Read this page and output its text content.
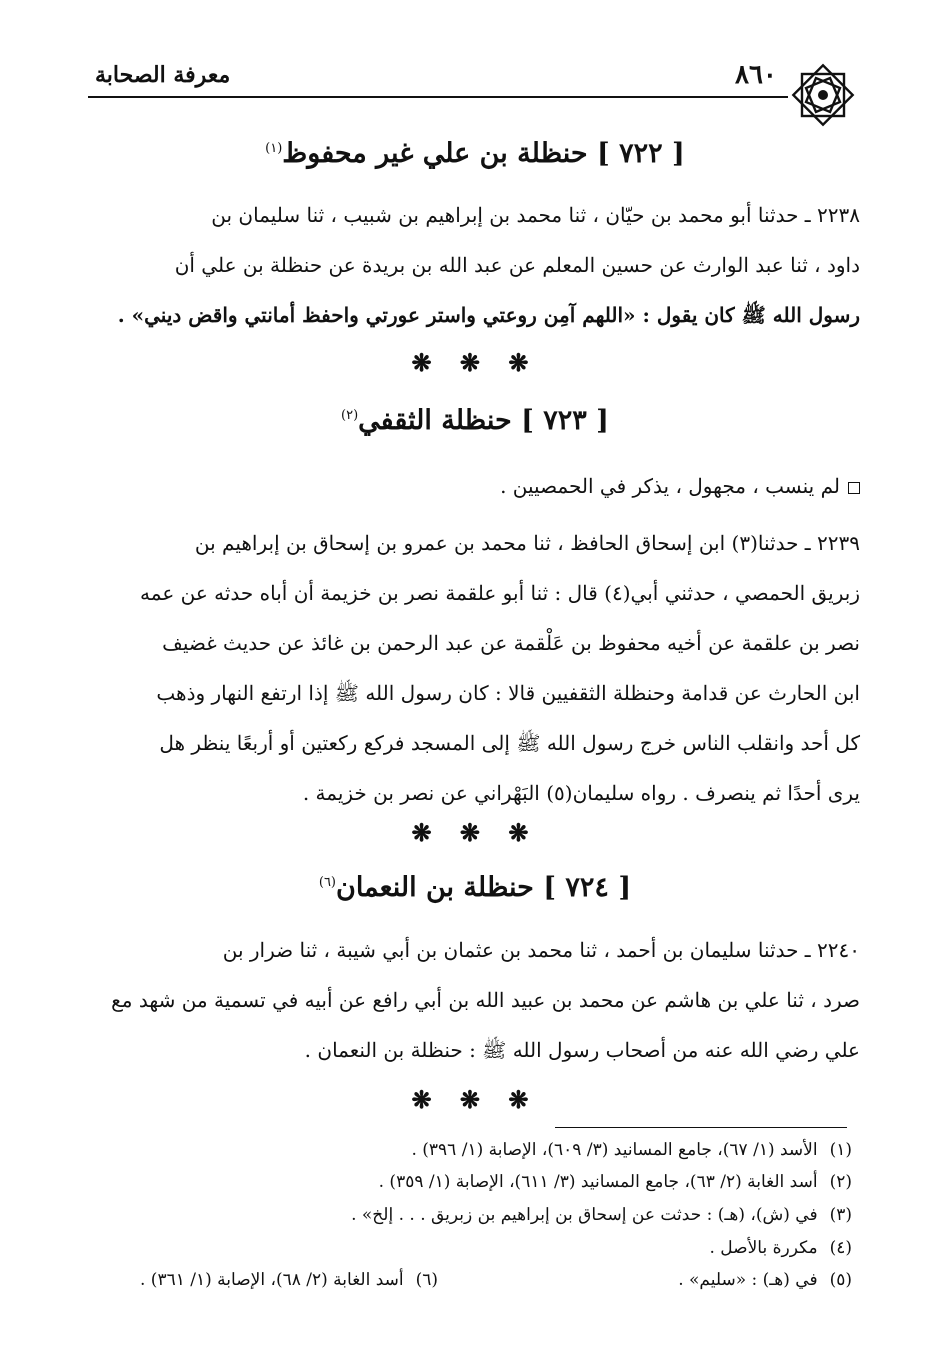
معرفة الصحابة	٨٦٠
[ ٧٢٢ ] حنظلة بن علي غير محفوظ$^{(١)}$
٢٢٣٨ ـ حدثنا أبو محمد بن حيّان ، ثنا محمد بن إبراهيم بن شبيب ، ثنا سليمان بن
داود ، ثنا عبد الوارث عن حسين المعلم عن عبد الله بن بريدة عن حنظلة بن علي أن
رسول الله ﷺ كان يقول : «اللهم آمِن روعتي واستر عورتي واحفظ أمانتي واقض ديني» .
❋ ❋ ❋
[ ٧٢٣ ] حنظلة الثقفي$^{(٢)}$
لم ينسب ، مجهول ، يذكر في الحمصيين .
٢٢٣٩ ـ حدثنا(٣) ابن إسحاق الحافظ ، ثنا محمد بن عمرو بن إسحاق بن إبراهيم بن
زبريق الحمصي ، حدثني أبي(٤) قال : ثنا أبو علقمة نصر بن خزيمة أن أباه حدثه عن عمه
نصر بن علقمة عن أخيه محفوظ بن عَلْقمة عن عبد الرحمن بن غائذ عن حديث غضيف
ابن الحارث عن قدامة وحنظلة الثقفيين قالا : كان رسول الله ﷺ إذا ارتفع النهار وذهب
كل أحد وانقلب الناس خرج رسول الله ﷺ إلى المسجد فركع ركعتين أو أربعًا ينظر هل
يرى أحدًا ثم ينصرف . رواه سليمان(٥) البَهْراني عن نصر بن خزيمة .
❋ ❋ ❋
[ ٧٢٤ ] حنظلة بن النعمان$^{(٦)}$
٢٢٤٠ ـ حدثنا سليمان بن أحمد ، ثنا محمد بن عثمان بن أبي شيبة ، ثنا ضرار بن
صرد ، ثنا علي بن هاشم عن محمد بن عبيد الله بن أبي رافع عن أبيه في تسمية من شهد مع
علي رضي الله عنه من أصحاب رسول الله ﷺ : حنظلة بن النعمان .
❋ ❋ ❋
(١)الأسد (١/ ٦٧)، جامع المسانيد (٣/ ٦٠٩)، الإصابة (١/ ٣٩٦) .
(٢)أسد الغابة (٢/ ٦٣)، جامع المسانيد (٣/ ٦١١)، الإصابة (١/ ٣٥٩) .
(٣)في (ش)، (هـ) : حدثت عن إسحاق بن إبراهيم بن زبريق . . . إلخ» .
(٤)مكررة بالأصل .
(٥)في (هـ) : «سليم» .
(٦)أسد الغابة (٢/ ٦٨)، الإصابة (١/ ٣٦١) .
